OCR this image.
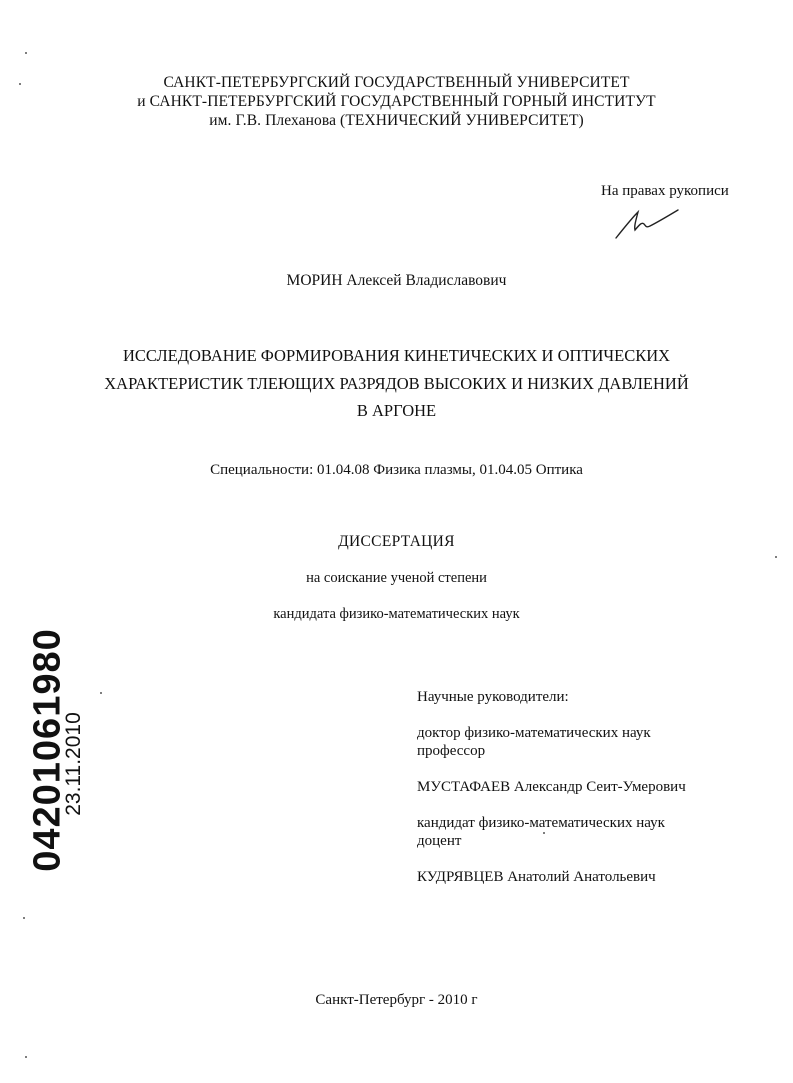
САНКТ-ПЕТЕРБУРГСКИЙ ГОСУДАРСТВЕННЫЙ УНИВЕРСИТЕТ
и САНКТ-ПЕТЕРБУРГСКИЙ ГОСУДАРСТВЕННЫЙ ГОРНЫЙ ИНСТИТУТ
им. Г.В. Плеханова (ТЕХНИЧЕСКИЙ УНИВЕРСИТЕТ)
На правах рукописи
МОРИН Алексей Владиславович
ИССЛЕДОВАНИЕ ФОРМИРОВАНИЯ КИНЕТИЧЕСКИХ И ОПТИЧЕСКИХ
ХАРАКТЕРИСТИК ТЛЕЮЩИХ РАЗРЯДОВ ВЫСОКИХ И НИЗКИХ ДАВЛЕНИЙ
В АРГОНЕ
Специальности: 01.04.08 Физика плазмы, 01.04.05 Оптика
ДИССЕРТАЦИЯ
на соискание ученой степени
кандидата физико-математических наук
Научные руководители:
доктор физико-математических наук
профессор
МУСТАФАЕВ Александр Сеит-Умерович
кандидат физико-математических наук
доцент
КУДРЯВЦЕВ Анатолий Анатольевич
Санкт-Петербург - 2010 г
04201061980
23.11.2010
